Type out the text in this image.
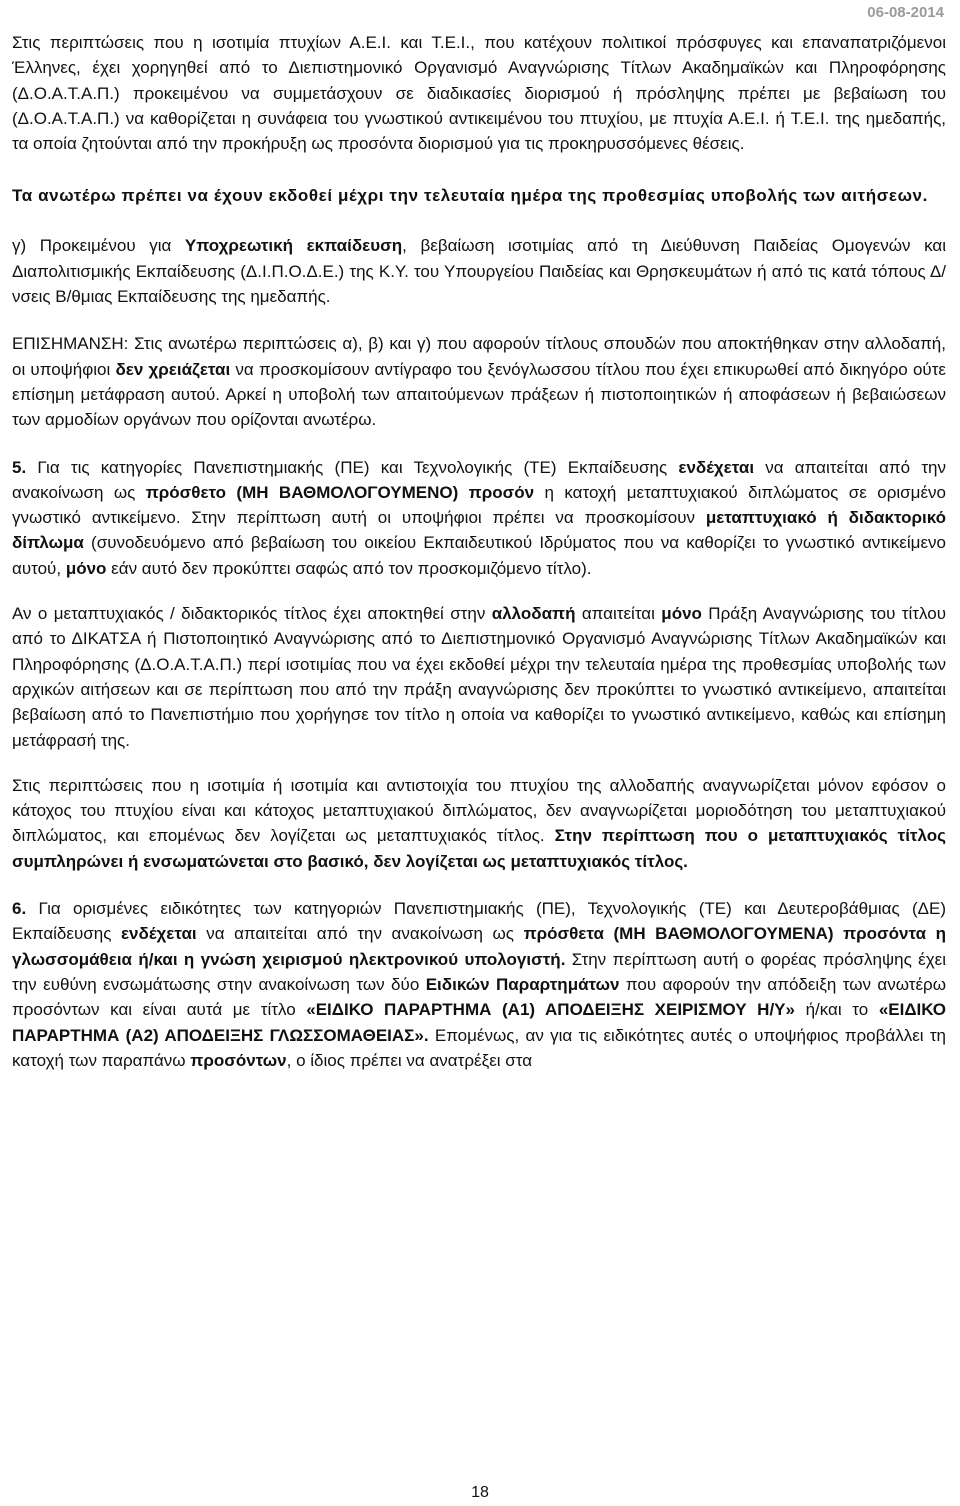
06-08-2014

Στις περιπτώσεις που η ισοτιμία πτυχίων Α.Ε.Ι. και Τ.Ε.Ι., που κατέχουν πολιτικοί πρόσφυγες και επαναπατριζόμενοι Έλληνες, έχει χορηγηθεί από το Διεπιστημονικό Οργανισμό Αναγνώρισης Τίτλων Ακαδημαϊκών και Πληροφόρησης (Δ.Ο.Α.Τ.Α.Π.) προκειμένου να συμμετάσχουν σε διαδικασίες διορισμού ή πρόσληψης πρέπει με βεβαίωση του (Δ.Ο.Α.Τ.Α.Π.) να καθορίζεται η συνάφεια του γνωστικού αντικειμένου του πτυχίου, με πτυχία Α.Ε.Ι. ή Τ.Ε.Ι. της ημεδαπής, τα οποία ζητούνται από την προκήρυξη ως προσόντα διορισμού για τις προκηρυσσόμενες θέσεις.

Τα ανωτέρω πρέπει να έχουν εκδοθεί μέχρι την τελευταία ημέρα της προθεσμίας υποβολής των αιτήσεων.

γ) Προκειμένου για Υποχρεωτική εκπαίδευση, βεβαίωση ισοτιμίας από τη Διεύθυνση Παιδείας Ομογενών και Διαπολιτισμικής Εκπαίδευσης (Δ.Ι.Π.Ο.Δ.Ε.) της Κ.Υ. του Υπουργείου Παιδείας και Θρησκευμάτων ή από τις κατά τόπους Δ/νσεις Β/θμιας Εκπαίδευσης της ημεδαπής.

ΕΠΙΣΗΜΑΝΣΗ: Στις ανωτέρω περιπτώσεις α), β) και γ) που αφορούν τίτλους σπουδών που αποκτήθηκαν στην αλλοδαπή, οι υποψήφιοι δεν χρειάζεται να προσκομίσουν αντίγραφο του ξενόγλωσσου τίτλου που έχει επικυρωθεί από δικηγόρο ούτε επίσημη μετάφραση αυτού. Αρκεί η υποβολή των απαιτούμενων πράξεων ή πιστοποιητικών ή αποφάσεων ή βεβαιώσεων των αρμοδίων οργάνων που ορίζονται ανωτέρω.

5. Για τις κατηγορίες Πανεπιστημιακής (ΠΕ) και Τεχνολογικής (ΤΕ) Εκπαίδευσης ενδέχεται να απαιτείται από την ανακοίνωση ως πρόσθετο (ΜΗ ΒΑΘΜΟΛΟΓΟΥΜΕΝΟ) προσόν η κατοχή μεταπτυχιακού διπλώματος σε ορισμένο γνωστικό αντικείμενο. Στην περίπτωση αυτή οι υποψήφιοι πρέπει να προσκομίσουν μεταπτυχιακό ή διδακτορικό δίπλωμα (συνοδευόμενο από βεβαίωση του οικείου Εκπαιδευτικού Ιδρύματος που να καθορίζει το γνωστικό αντικείμενο αυτού, μόνο εάν αυτό δεν προκύπτει σαφώς από τον προσκομιζόμενο τίτλο).

Αν ο μεταπτυχιακός / διδακτορικός τίτλος έχει αποκτηθεί στην αλλοδαπή απαιτείται μόνο Πράξη Αναγνώρισης του τίτλου από το ΔΙΚΑΤΣΑ ή Πιστοποιητικό Αναγνώρισης από το Διεπιστημονικό Οργανισμό Αναγνώρισης Τίτλων Ακαδημαϊκών και Πληροφόρησης (Δ.Ο.Α.Τ.Α.Π.) περί ισοτιμίας που να έχει εκδοθεί μέχρι την τελευταία ημέρα της προθεσμίας υποβολής των αρχικών αιτήσεων και σε περίπτωση που από την πράξη αναγνώρισης δεν προκύπτει το γνωστικό αντικείμενο, απαιτείται βεβαίωση από το Πανεπιστήμιο που χορήγησε τον τίτλο η οποία να καθορίζει το γνωστικό αντικείμενο, καθώς και επίσημη μετάφρασή της.

Στις περιπτώσεις που η ισοτιμία ή ισοτιμία και αντιστοιχία του πτυχίου της αλλοδαπής αναγνωρίζεται μόνον εφόσον ο κάτοχος του πτυχίου είναι και κάτοχος μεταπτυχιακού διπλώματος, δεν αναγνωρίζεται μοριοδότηση του μεταπτυχιακού διπλώματος, και επομένως δεν λογίζεται ως μεταπτυχιακός τίτλος. Στην περίπτωση που ο μεταπτυχιακός τίτλος συμπληρώνει ή ενσωματώνεται στο βασικό, δεν λογίζεται ως μεταπτυχιακός τίτλος.

6. Για ορισμένες ειδικότητες των κατηγοριών Πανεπιστημιακής (ΠΕ), Τεχνολογικής (ΤΕ) και Δευτεροβάθμιας (ΔΕ) Εκπαίδευσης ενδέχεται να απαιτείται από την ανακοίνωση ως πρόσθετα (ΜΗ ΒΑΘΜΟΛΟΓΟΥΜΕΝΑ) προσόντα η γλωσσομάθεια ή/και η γνώση χειρισμού ηλεκτρονικού υπολογιστή. Στην περίπτωση αυτή ο φορέας πρόσληψης έχει την ευθύνη ενσωμάτωσης στην ανακοίνωση των δύο Ειδικών Παραρτημάτων που αφορούν την απόδειξη των ανωτέρω προσόντων και είναι αυτά με τίτλο «ΕΙΔΙΚΟ ΠΑΡΑΡΤΗΜΑ (Α1) ΑΠΟΔΕΙΞΗΣ ΧΕΙΡΙΣΜΟΥ Η/Υ» ή/και το «ΕΙΔΙΚΟ ΠΑΡΑΡΤΗΜΑ (Α2) ΑΠΟΔΕΙΞΗΣ ΓΛΩΣΣΟΜΑΘΕΙΑΣ». Επομένως, αν για τις ειδικότητες αυτές ο υποψήφιος προβάλλει τη κατοχή των παραπάνω προσόντων, ο ίδιος πρέπει να ανατρέξει στα

18
